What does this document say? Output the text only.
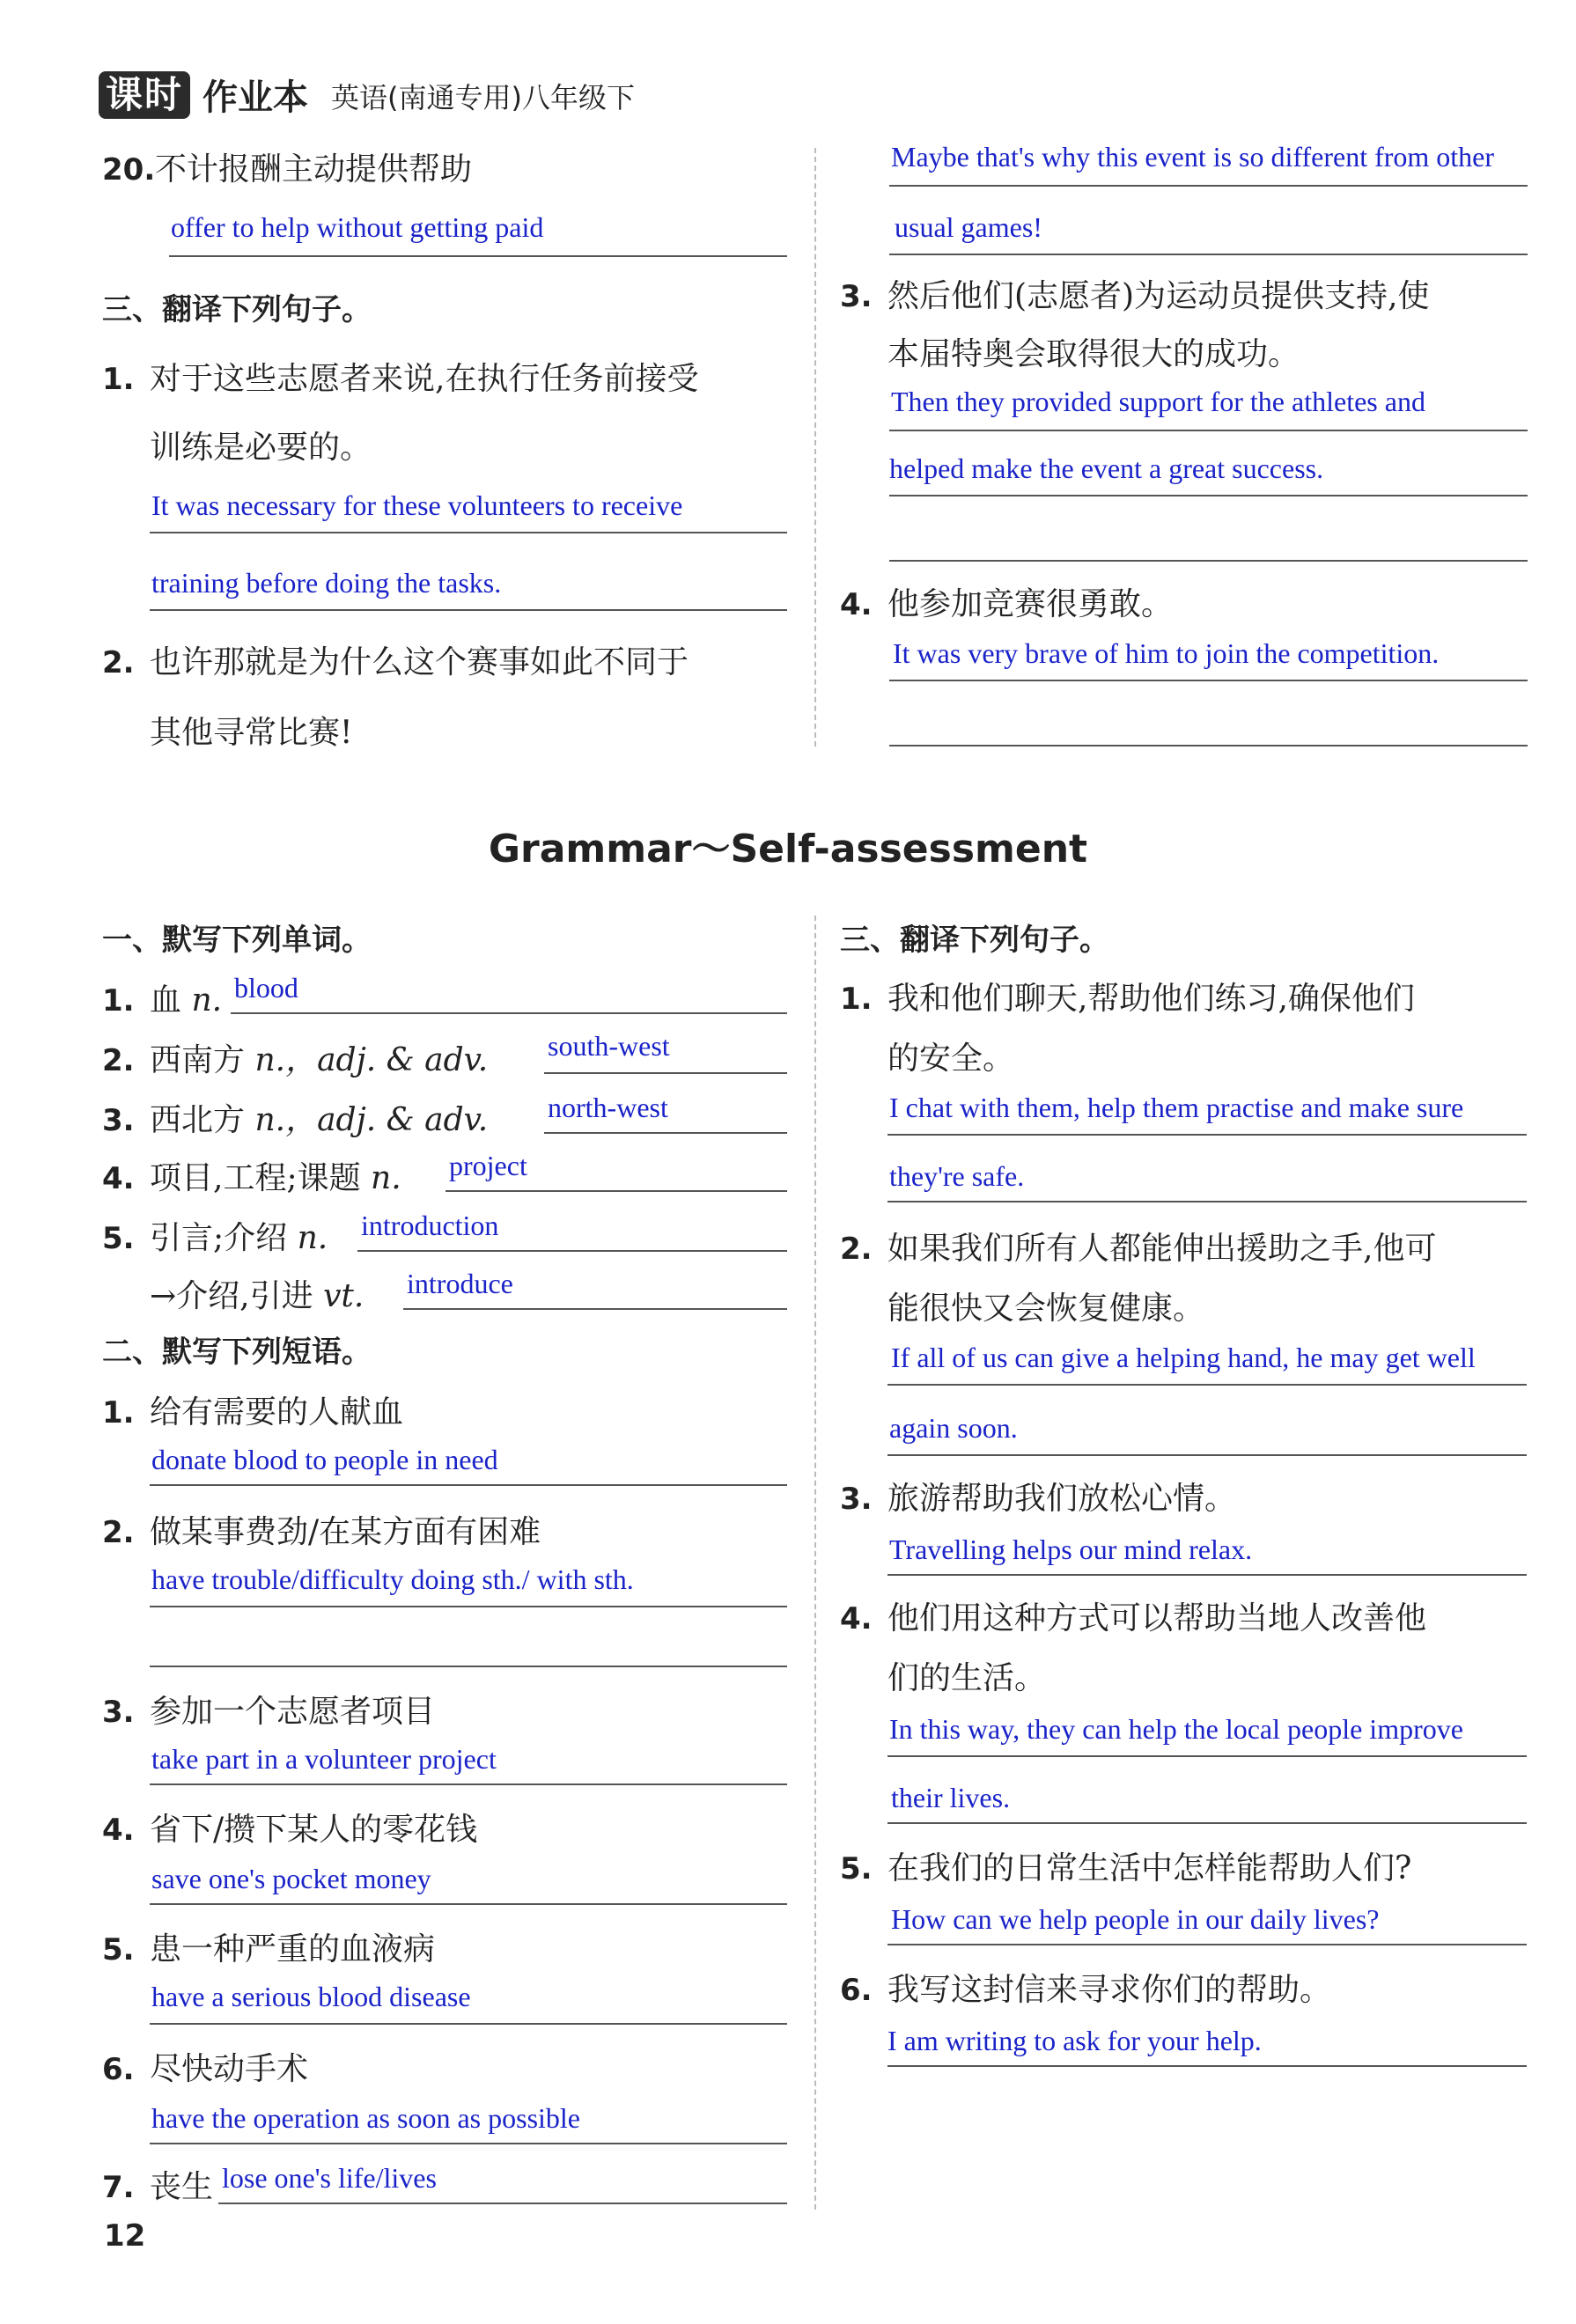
课时 作业本 英语(南通专用)八年级下
20.不计报酬主动提供帮助
offer to help without getting paid
三、翻译下列句子。
1. 对于这些志愿者来说,在执行任务前接受
训练是必要的。
It was necessary for these volunteers to receive
training before doing the tasks.
2. 也许那就是为什么这个赛事如此不同于
其他寻常比赛!
Maybe that's why this event is so different from other
usual games!
3. 然后他们(志愿者)为运动员提供支持,使
本届特奥会取得很大的成功。
Then they provided support for the athletes and
helped make the event a great success.
4. 他参加竞赛很勇敢。
It was very brave of him to join the competition.
Grammar～Self-assessment
一、默写下列单词。
1. 血 n. blood
2. 西南方 n.，adj. & adv. south-west
3. 西北方 n.，adj. & adv. north-west
4. 项目,工程;课题 n. project
5. 引言;介绍 n. introduction
→介绍,引进 vt. introduce
二、默写下列短语。
1. 给有需要的人献血
donate blood to people in need
2. 做某事费劲/在某方面有困难
have trouble/difficulty doing sth./ with sth.
3. 参加一个志愿者项目
take part in a volunteer project
4. 省下/攒下某人的零花钱
save one's pocket money
5. 患一种严重的血液病
have a serious blood disease
6. 尽快动手术
have the operation as soon as possible
7. 丧生 lose one's life/lives
三、翻译下列句子。
1. 我和他们聊天,帮助他们练习,确保他们
的安全。
I chat with them, help them practise and make sure
they're safe.
2. 如果我们所有人都能伸出援助之手,他可
能很快又会恢复健康。
If all of us can give a helping hand, he may get well
again soon.
3. 旅游帮助我们放松心情。
Travelling helps our mind relax.
4. 他们用这种方式可以帮助当地人改善他
们的生活。
In this way, they can help the local people improve
their lives.
5. 在我们的日常生活中怎样能帮助人们?
How can we help people in our daily lives?
6. 我写这封信来寻求你们的帮助。
I am writing to ask for your help.
12
